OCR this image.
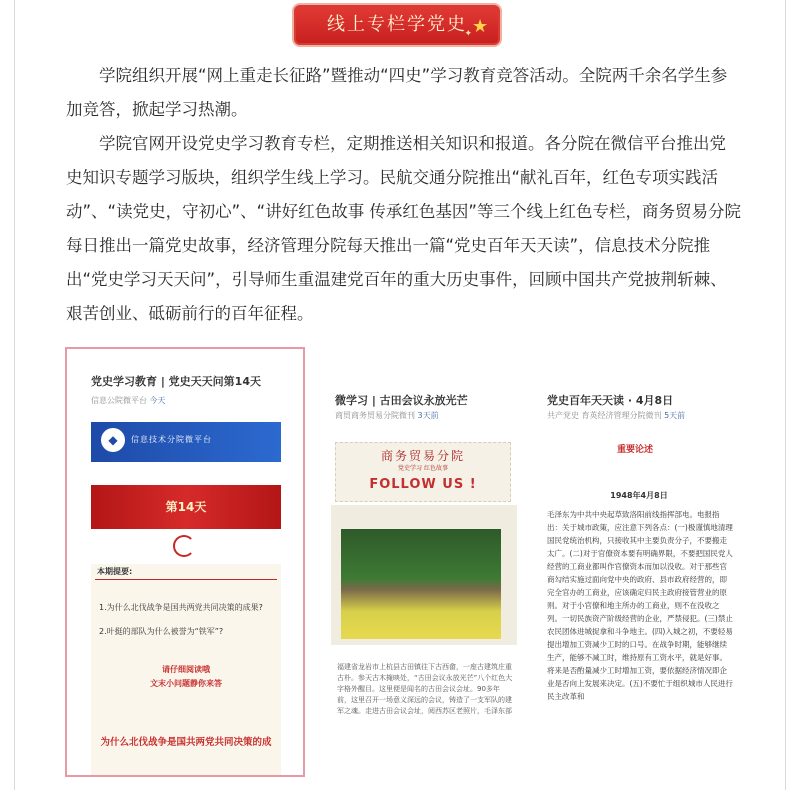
线上专栏学党史
✦ ★

学院组织开展“网上重走长征路”暨推动“四史”学习教育竞答活动。全院两千余名学生参加竞答，掀起学习热潮。

学院官网开设党史学习教育专栏，定期推送相关知识和报道。各分院在微信平台推出党史知识专题学习版块，组织学生线上学习。民航交通分院推出“献礼百年，红色专项实践活动”、“读党史，守初心”、“讲好红色故事 传承红色基因”等三个线上红色专栏，商务贸易分院每日推出一篇党史故事，经济管理分院每天推出一篇“党史百年天天读”，信息技术分院推出“党史学习天天问”，引导师生重温建党百年的重大历史事件，回顾中国共产党披荆斩棘、艰苦创业、砥砺前行的百年征程。

党史学习教育 | 党史天天问第14天
信息公院微平台 今天
◆	信息技术分院微平台
第14天
本期提要:
1.为什么北伐战争是国共两党共同决策的成果?
2.叶挺的部队为什么被誉为“铁军”?
请仔细阅读哦
文末小问题静你来答
为什么北伐战争是国共两党共同决策的成
微学习 | 古田会议永放光芒
商贸商务贸易分院微刊 3天前
商务贸易分院
党史学习 红色故事
FOLLOW US !
福建省龙岩市上杭县古田镇往下古西畲，一座古建筑庄重古朴。参天古木掩映处，“古田会议永放光芒”八个红色大字格外醒目。这里便是闻名的古田会议会址。90多年前，这里召开一场意义深远的会议，铸造了一支军队的建军之魂。走进古田会议会址，阅西苏区老照片，毛泽东部
党史百年天天读 · 4月8日
共产党史 育英经济管理分院微刊 5天前
重要论述
1948年4月8日
毛泽东为中共中央起草致洛阳前线指挥部电。电报指出：关于城市政策，应注意下列各点：(一)极谨慎地清理国民党统治机构，只接收其中主要负责分子，不要搬走太广。(二)对于官僚资本要有明确界限，不要把国民党人经营的工商业都叫作官僚资本而加以没收。对于那些官商勾结实施过面向党中央的政府、县市政府经营的，即完全官办的工商业，应该确定归民主政府接管营业的原则。对于小官僚和地主所办的工商业，则不在没收之列。一切民族资产阶级经营的企业，严禁侵犯。(三)禁止农民团体进城捉拿和斗争地主。(四)入城之初，不要轻易提出增加工资减少工时的口号。在战争时期，能够继续生产，能够不减工时，维持原有工资水平，就是好事。将来是否酌量减少工时增加工资，要依据经济情况即企业是否向上发展来决定。(五)不要忙于组织城市人民进行民主改革和
